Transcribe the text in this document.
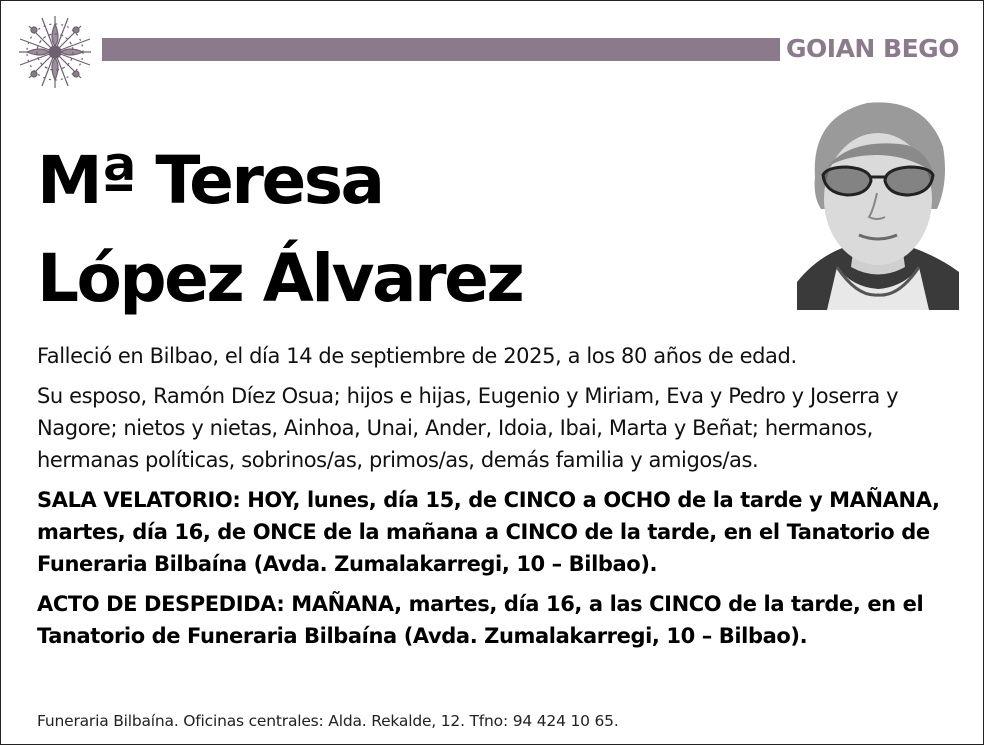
GOIAN BEGO
Mª Teresa
López Álvarez

Falleció en Bilbao, el día 14 de septiembre de 2025, a los 80 años de edad.

Su esposo, Ramón Díez Osua; hijos e hijas, Eugenio y Miriam, Eva y Pedro y Joserra y Nagore; nietos y nietas, Ainhoa, Unai, Ander, Idoia, Ibai, Marta y Beñat; hermanos, hermanas políticas, sobrinos/as, primos/as, demás familia y amigos/as.

SALA VELATORIO: HOY, lunes, día 15, de CINCO a OCHO de la tarde y MAÑANA, martes, día 16, de ONCE de la mañana a CINCO de la tarde, en el Tanatorio de Funeraria Bilbaína (Avda. Zumalakarregi, 10 – Bilbao).

ACTO DE DESPEDIDA: MAÑANA, martes, día 16, a las CINCO de la tarde, en el Tanatorio de Funeraria Bilbaína (Avda. Zumalakarregi, 10 – Bilbao).

Funeraria Bilbaína. Oficinas centrales: Alda. Rekalde, 12. Tfno: 94 424 10 65.
